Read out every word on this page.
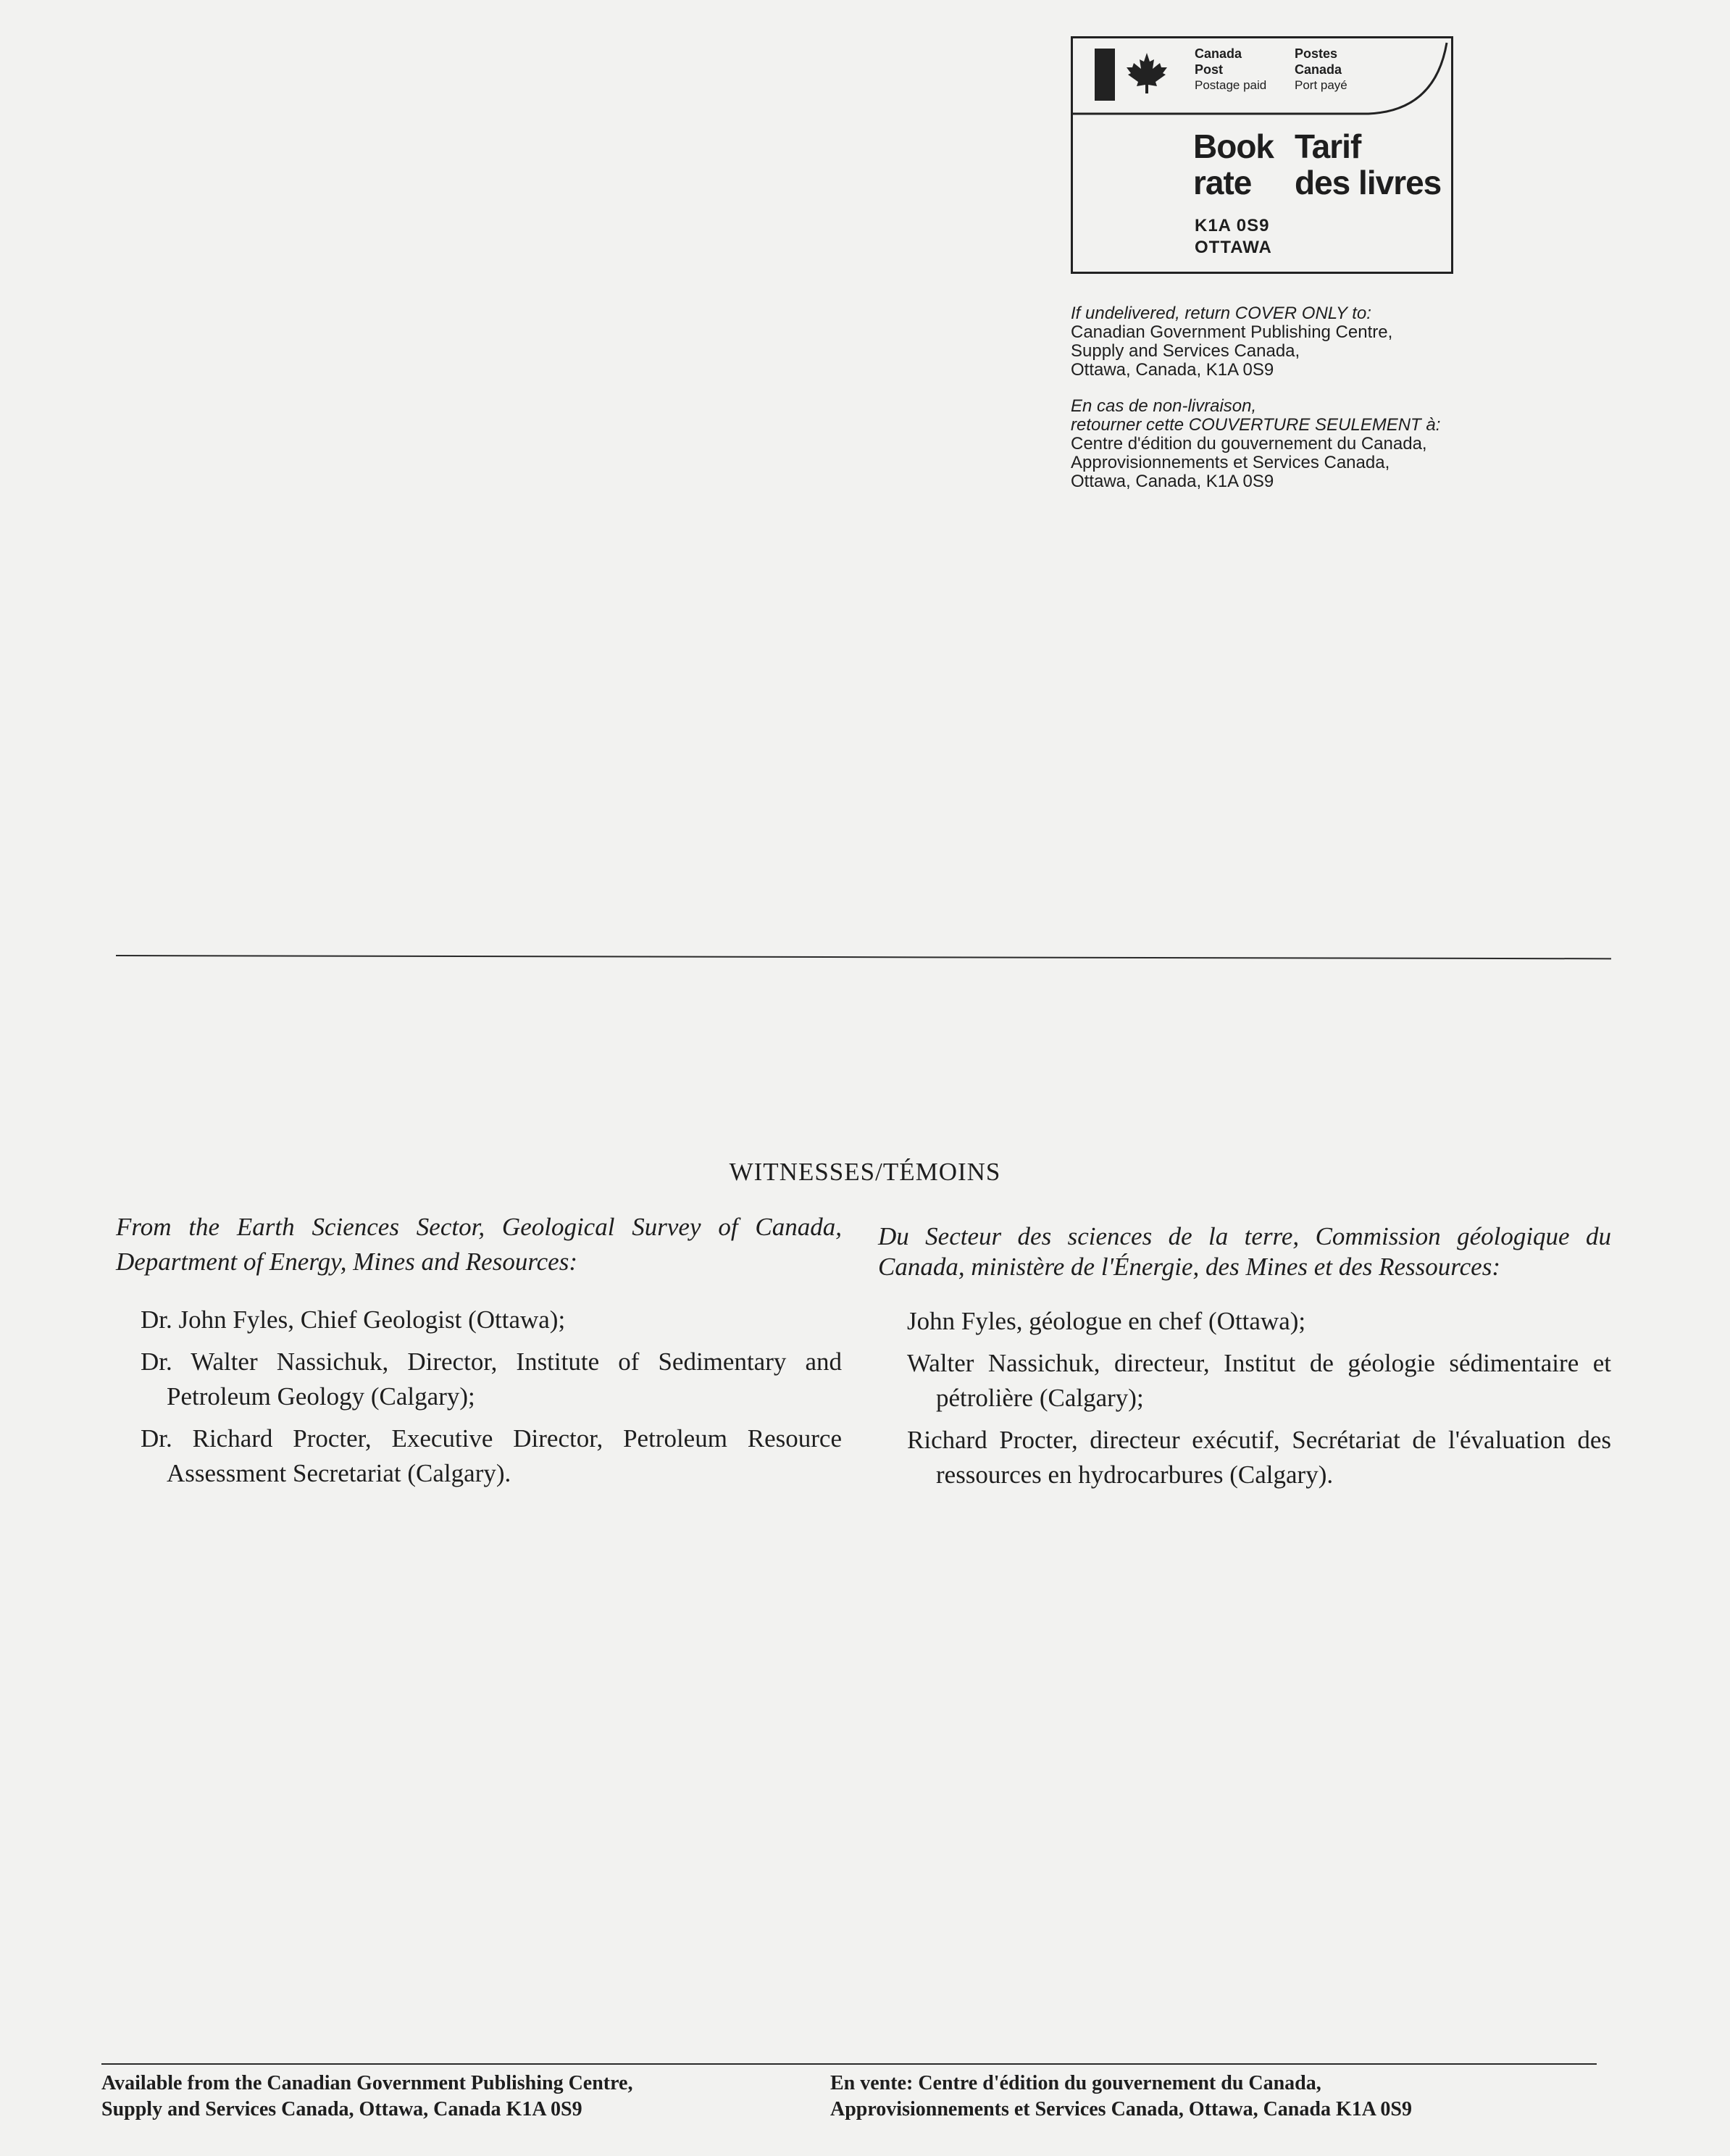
Canada
Post
Postage paid
Postes
Canada
Port payé
Book
rate
Tarif
des livres
K1A 0S9
OTTAWA
If undelivered, return COVER ONLY to:
Canadian Government Publishing Centre,
Supply and Services Canada,
Ottawa, Canada, K1A 0S9
En cas de non-livraison,
retourner cette COUVERTURE SEULEMENT à:
Centre d'édition du gouvernement du Canada,
Approvisionnements et Services Canada,
Ottawa, Canada, K1A 0S9
WITNESSES/TÉMOINS

From the Earth Sciences Sector, Geological Survey of Canada, Department of Energy, Mines and Resources:

Dr. John Fyles, Chief Geologist (Ottawa);

Dr. Walter Nassichuk, Director, Institute of Sedimentary and Petroleum Geology (Calgary);

Dr. Richard Procter, Executive Director, Petroleum Resource Assessment Secretariat (Calgary).

Du Secteur des sciences de la terre, Commission géologique du Canada, ministère de l'Énergie, des Mines et des Ressources:

John Fyles, géologue en chef (Ottawa);

Walter Nassichuk, directeur, Institut de géologie sédimentaire et pétrolière (Calgary);

Richard Procter, directeur exécutif, Secrétariat de l'évaluation des ressources en hydrocarbures (Calgary).

Available from the Canadian Government Publishing Centre,
Supply and Services Canada, Ottawa, Canada K1A 0S9
En vente: Centre d'édition du gouvernement du Canada,
Approvisionnements et Services Canada, Ottawa, Canada K1A 0S9
